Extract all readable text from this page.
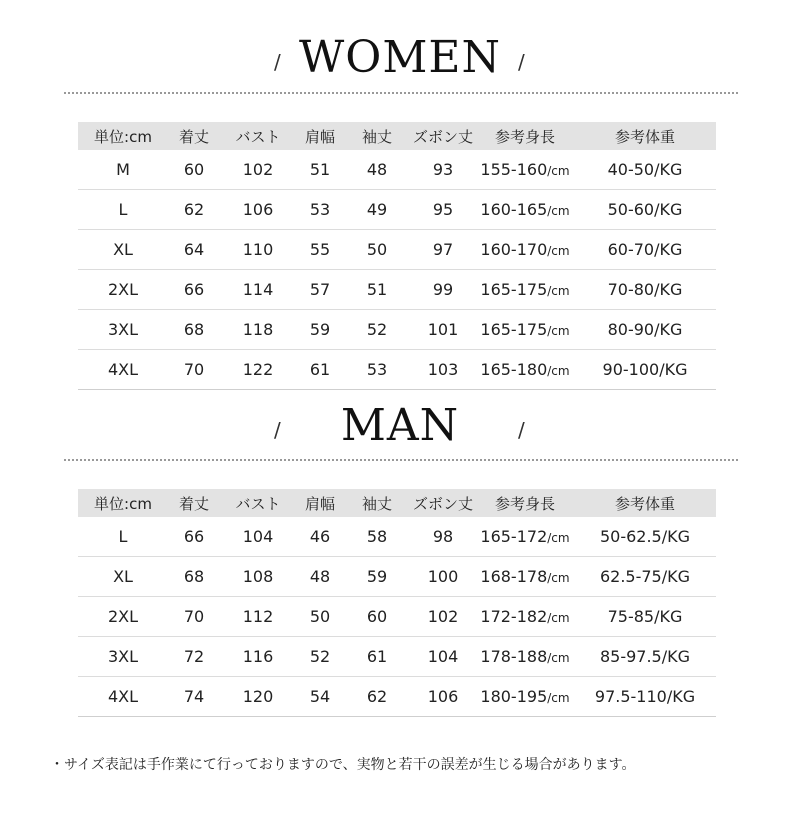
/ WOMEN /
単位:cm	着丈	バスト	肩幅	袖丈	ズボン丈	参考身長	参考体重
M	60	102	51	48	93	155-160/cm	40-50/KG
L	62	106	53	49	95	160-165/cm	50-60/KG
XL	64	110	55	50	97	160-170/cm	60-70/KG
2XL	66	114	57	51	99	165-175/cm	70-80/KG
3XL	68	118	59	52	101	165-175/cm	80-90/KG
4XL	70	122	61	53	103	165-180/cm	90-100/KG
/	MAN	/
単位:cm	着丈	バスト	肩幅	袖丈	ズボン丈	参考身長	参考体重
L	66	104	46	58	98	165-172/cm	50-62.5/KG
XL	68	108	48	59	100	168-178/cm	62.5-75/KG
2XL	70	112	50	60	102	172-182/cm	75-85/KG
3XL	72	116	52	61	104	178-188/cm	85-97.5/KG
4XL	74	120	54	62	106	180-195/cm	97.5-110/KG
・サイズ表記は手作業にて行っておりますので、実物と若干の誤差が生じる場合があります。
